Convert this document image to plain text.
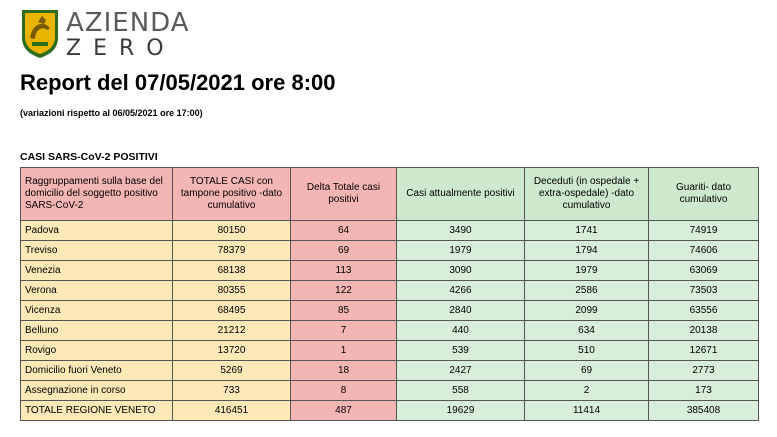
AZIENDA
ZERO
Report del 07/05/2021 ore 8:00
(variazioni rispetto al 06/05/2021 ore 17:00)
CASI SARS-CoV-2 POSITIVI
Raggruppamenti sulla base del domicilio del soggetto positivo SARS-CoV-2	TOTALE CASI con tampone positivo -dato cumulativo	Delta Totale casi positivi	Casi attualmente positivi	Deceduti (in ospedale + extra-ospedale) -dato cumulativo	Guariti- dato cumulativo
Padova	80150	64	3490	1741	74919
Treviso	78379	69	1979	1794	74606
Venezia	68138	113	3090	1979	63069
Verona	80355	122	4266	2586	73503
Vicenza	68495	85	2840	2099	63556
Belluno	21212	7	440	634	20138
Rovigo	13720	1	539	510	12671
Domicilio fuori Veneto	5269	18	2427	69	2773
Assegnazione in corso	733	8	558	2	173
TOTALE REGIONE VENETO	416451	487	19629	11414	385408
